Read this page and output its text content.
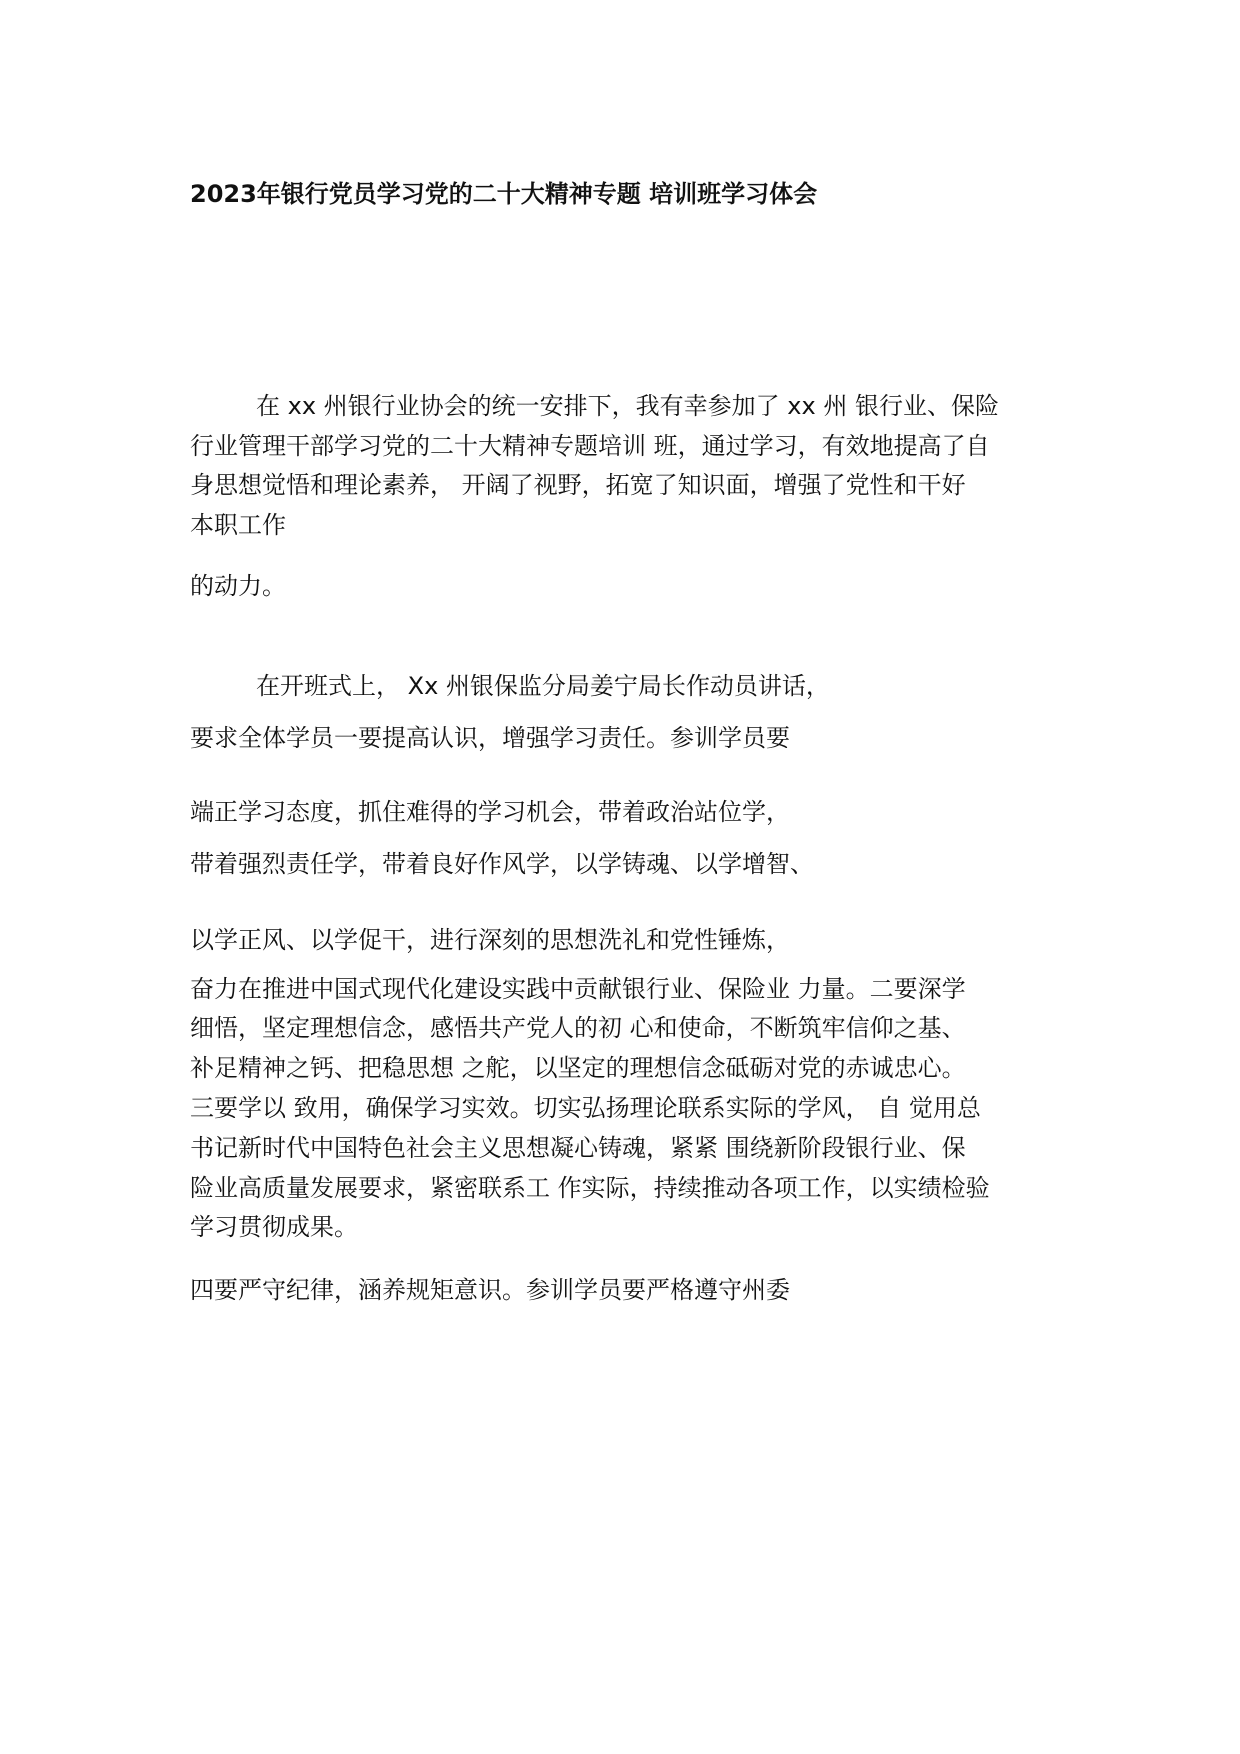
2023年银行党员学习党的二十大精神专题 培训班学习体会

在 xx 州银行业协会的统一安排下，我有幸参加了 xx 州 银行业、保险

行业管理干部学习党的二十大精神专题培训 班，通过学习，有效地提高了自

身思想觉悟和理论素养， 开阔了视野，拓宽了知识面，增强了党性和干好

本职工作

的动力。

在开班式上， Xx 州银保监分局姜宁局长作动员讲话，

要求全体学员一要提高认识，增强学习责任。参训学员要

端正学习态度，抓住难得的学习机会，带着政治站位学，

带着强烈责任学，带着良好作风学，以学铸魂、以学增智、

以学正风、以学促干，进行深刻的思想洗礼和党性锤炼，

奋力在推进中国式现代化建设实践中贡献银行业、保险业 力量。二要深学

细悟，坚定理想信念，感悟共产党人的初 心和使命，不断筑牢信仰之基、

补足精神之钙、把稳思想 之舵，以坚定的理想信念砥砺对党的赤诚忠心。

三要学以 致用，确保学习实效。切实弘扬理论联系实际的学风， 自 觉用总

书记新时代中国特色社会主义思想凝心铸魂，紧紧 围绕新阶段银行业、保

险业高质量发展要求，紧密联系工 作实际，持续推动各项工作，以实绩检验

学习贯彻成果。

四要严守纪律，涵养规矩意识。参训学员要严格遵守州委
